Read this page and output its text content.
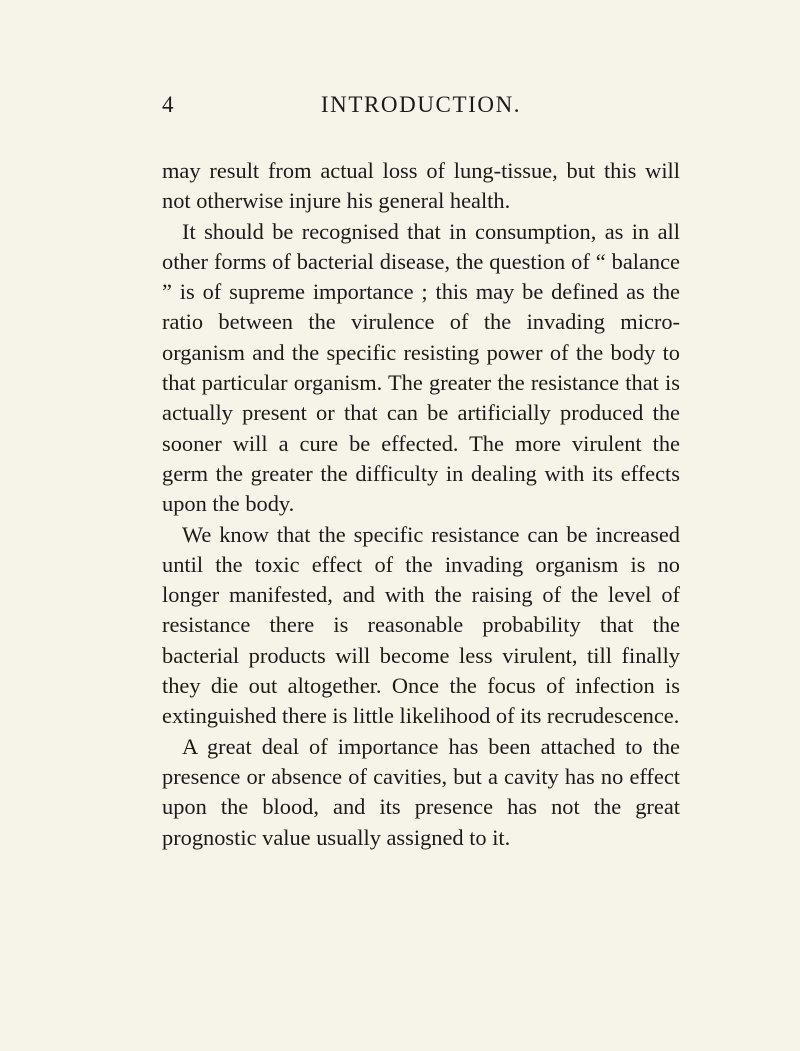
4	INTRODUCTION.

may result from actual loss of lung-tissue, but this will not otherwise injure his general health.

It should be recognised that in consumption, as in all other forms of bacterial disease, the question of “ balance ” is of supreme importance ; this may be defined as the ratio between the virulence of the invading micro-organism and the specific resisting power of the body to that particular organism. The greater the resistance that is actually present or that can be artificially produced the sooner will a cure be effected. The more virulent the germ the greater the difficulty in dealing with its effects upon the body.

We know that the specific resistance can be increased until the toxic effect of the invading organism is no longer manifested, and with the raising of the level of resistance there is reasonable probability that the bacterial products will become less virulent, till finally they die out altogether. Once the focus of infection is extinguished there is little likelihood of its recrudescence.

A great deal of importance has been attached to the presence or absence of cavities, but a cavity has no effect upon the blood, and its presence has not the great prognostic value usually assigned to it.
